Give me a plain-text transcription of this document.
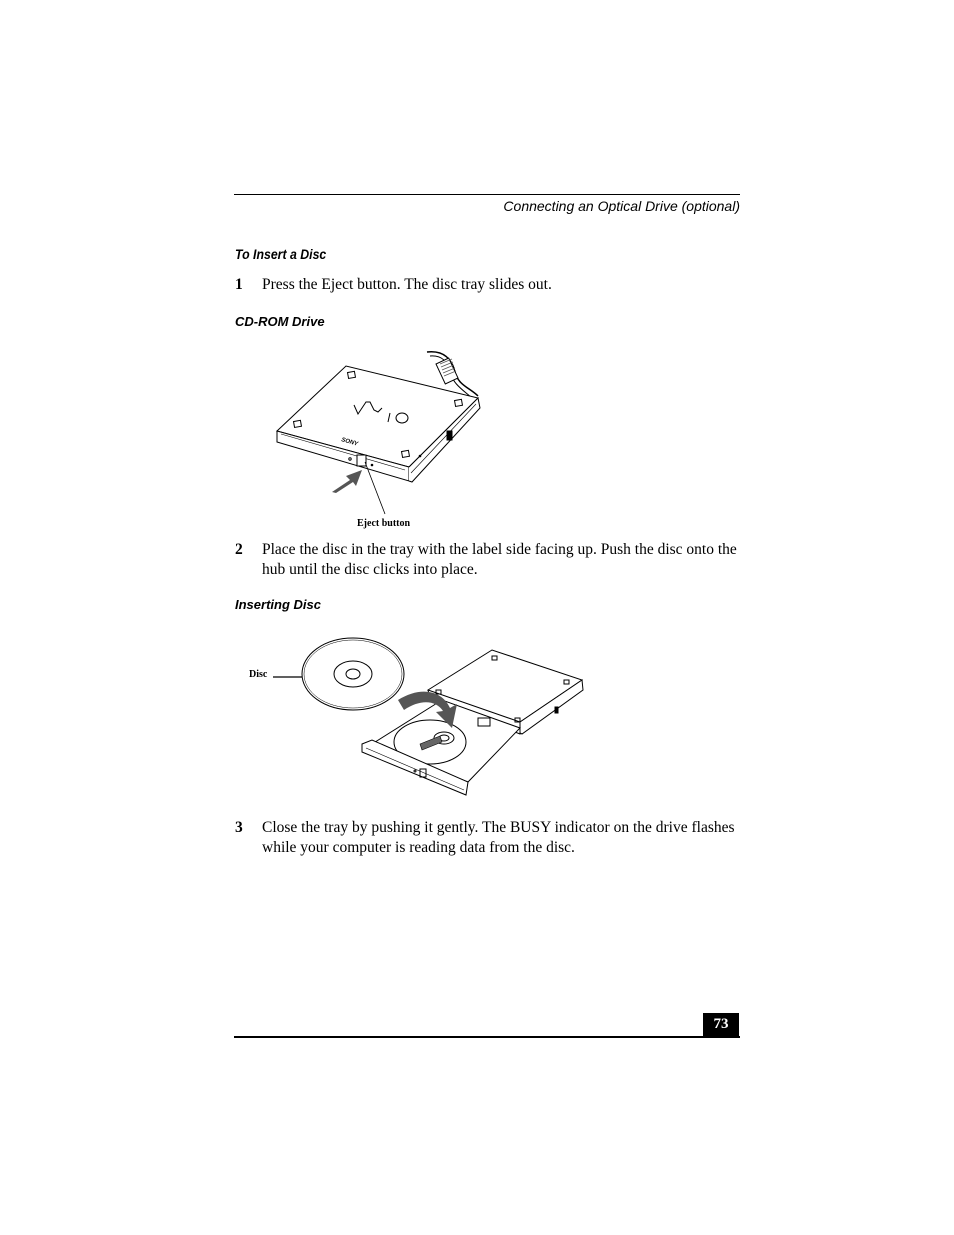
Connecting an Optical Drive (optional)
To Insert a Disc
1	Press the Eject button. The disc tray slides out.
CD-ROM Drive
SONY
Eject button
2	Place the disc in the tray with the label side facing up. Push the disc onto the hub until the disc clicks into place.
Inserting Disc
Disc
3	Close the tray by pushing it gently. The BUSY indicator on the drive flashes while your computer is reading data from the disc.
73
